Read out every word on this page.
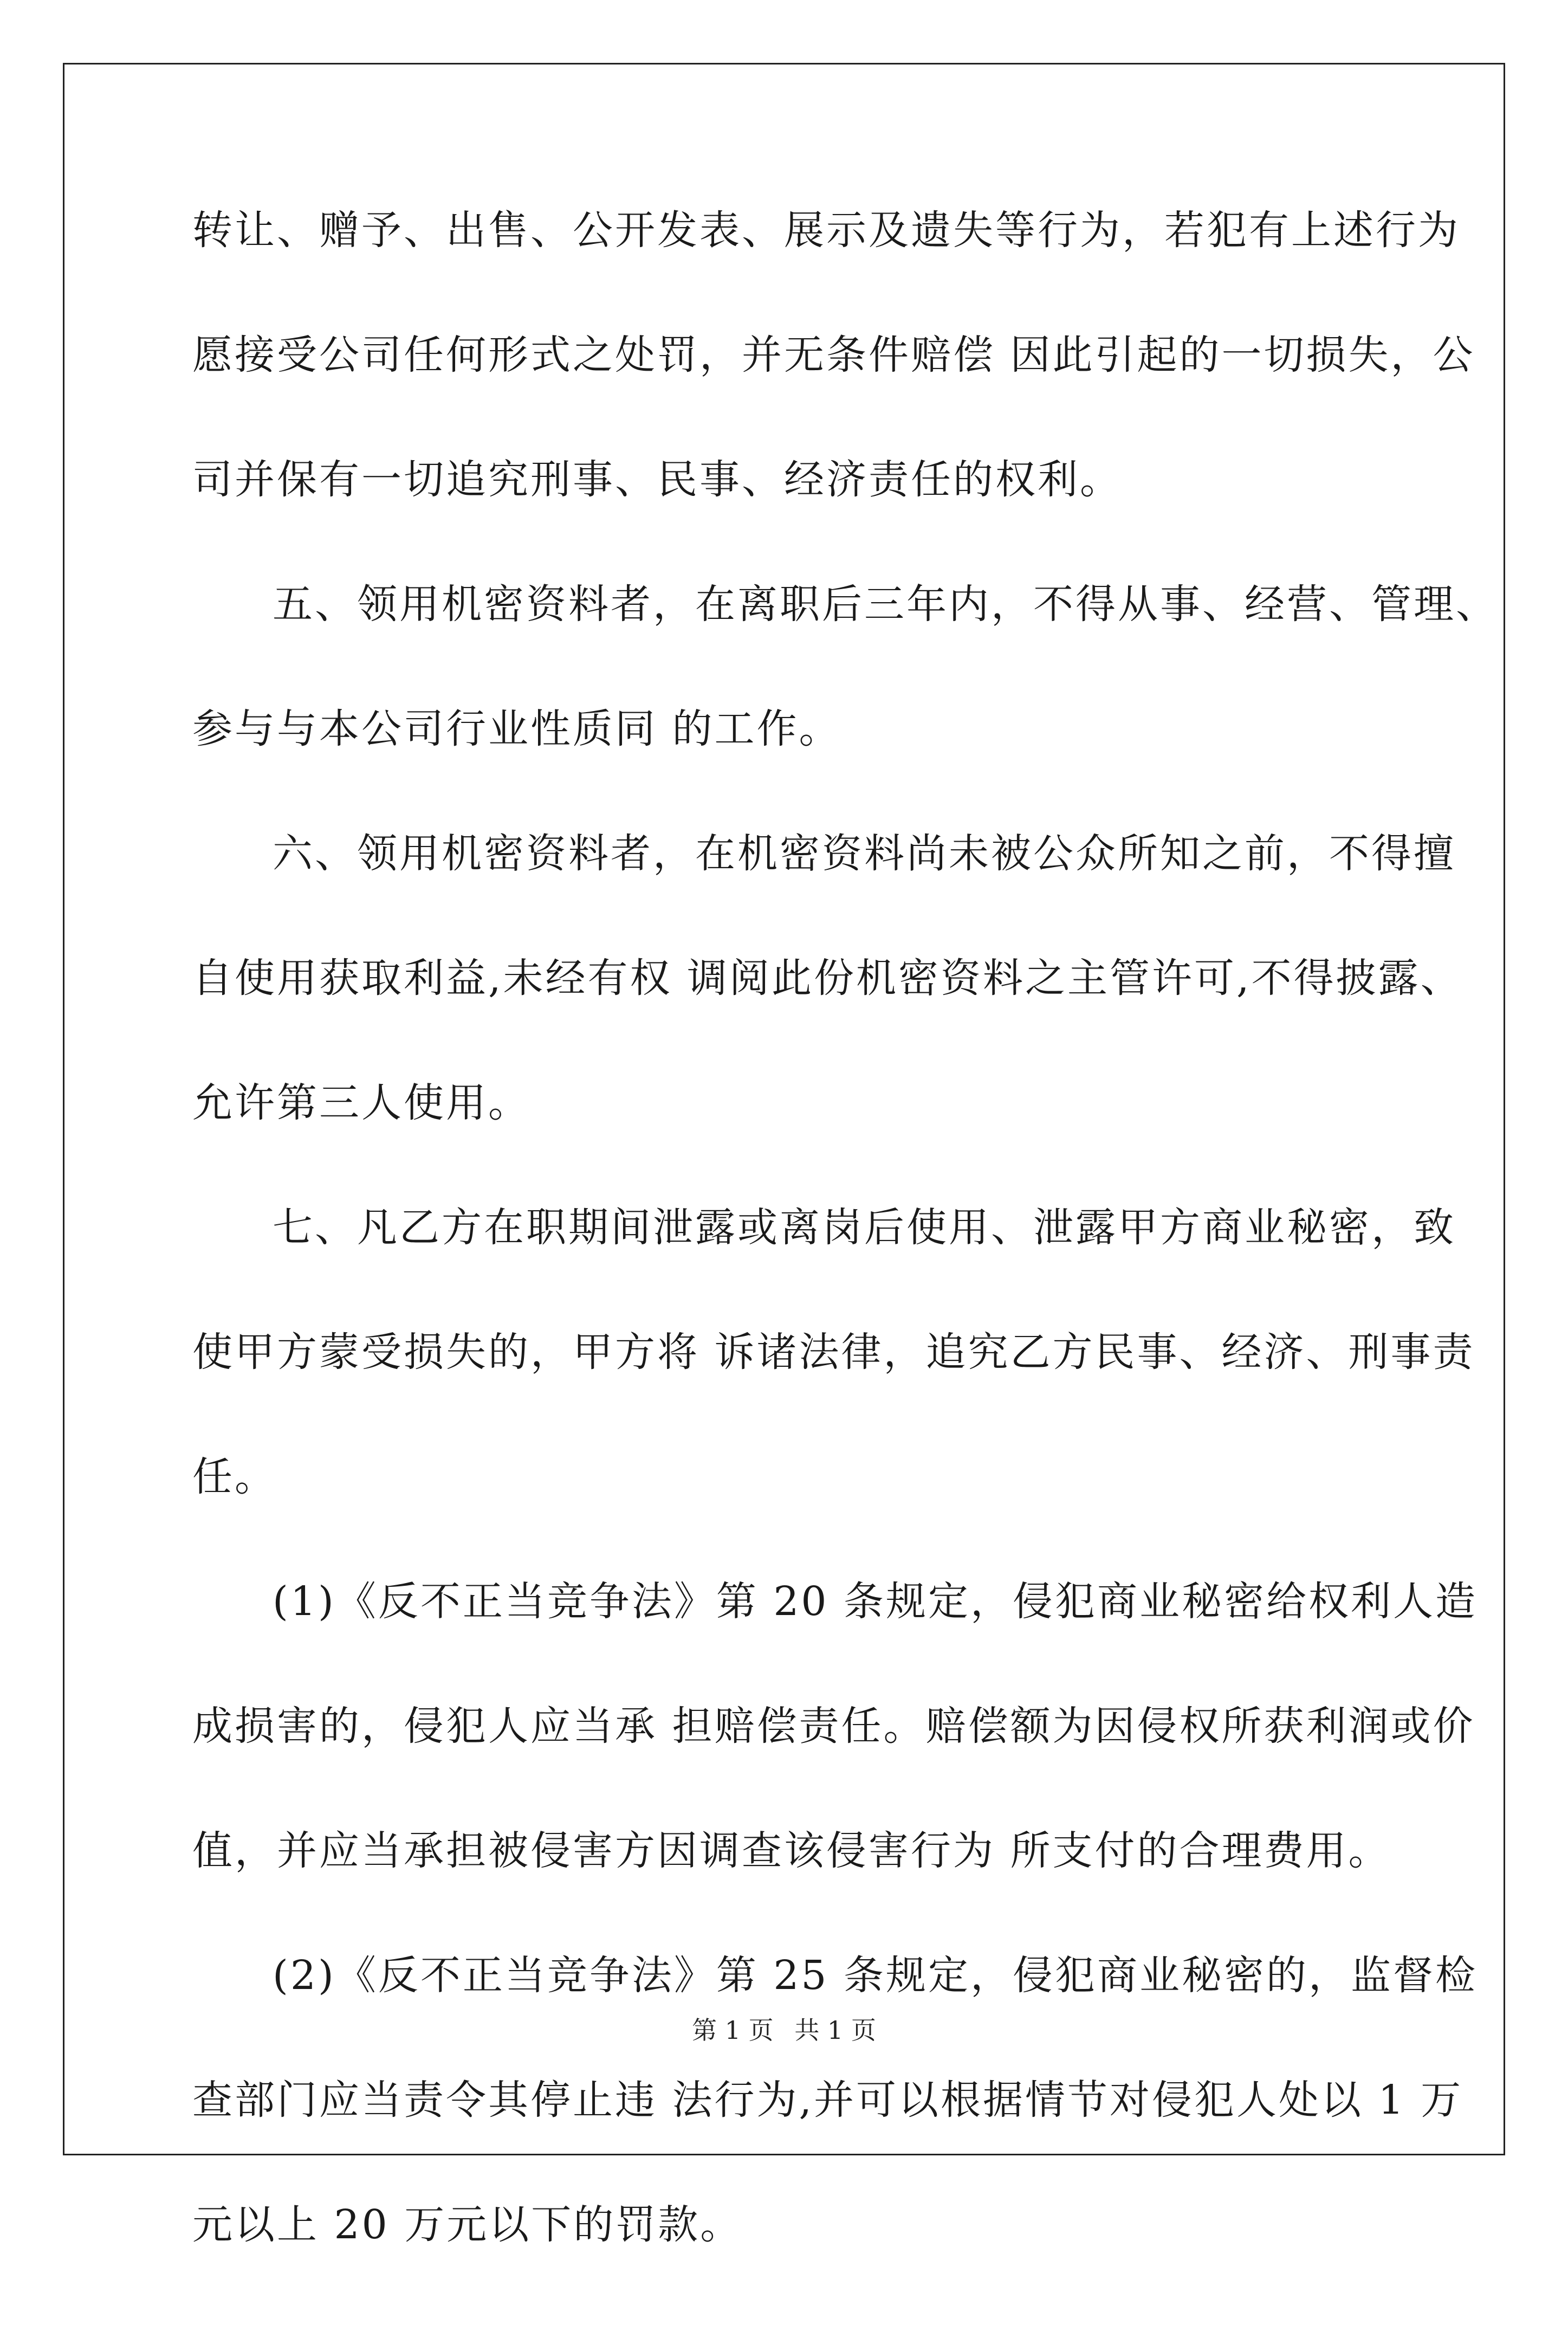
转让、赠予、出售、公开发表、展示及遗失等行为，若犯有上述行为
愿接受公司任何形式之处罚，并无条件赔偿 因此引起的一切损失，公
司并保有一切追究刑事、民事、经济责任的权利。
五、领用机密资料者，在离职后三年内，不得从事、经营、管理、
参与与本公司行业性质同 的工作。
六、领用机密资料者，在机密资料尚未被公众所知之前，不得擅
自使用获取利益,未经有权 调阅此份机密资料之主管许可,不得披露、
允许第三人使用。
七、凡乙方在职期间泄露或离岗后使用、泄露甲方商业秘密，致
使甲方蒙受损失的，甲方将 诉诸法律，追究乙方民事、经济、刑事责
任。
(1)《反不正当竞争法》第 20 条规定，侵犯商业秘密给权利人造
成损害的，侵犯人应当承 担赔偿责任。赔偿额为因侵权所获利润或价
值，并应当承担被侵害方因调查该侵害行为 所支付的合理费用。
(2)《反不正当竞争法》第 25 条规定，侵犯商业秘密的，监督检
查部门应当责令其停止违 法行为,并可以根据情节对侵犯人处以 1 万
元以上 20 万元以下的罚款。
第 1 页 共 1 页
